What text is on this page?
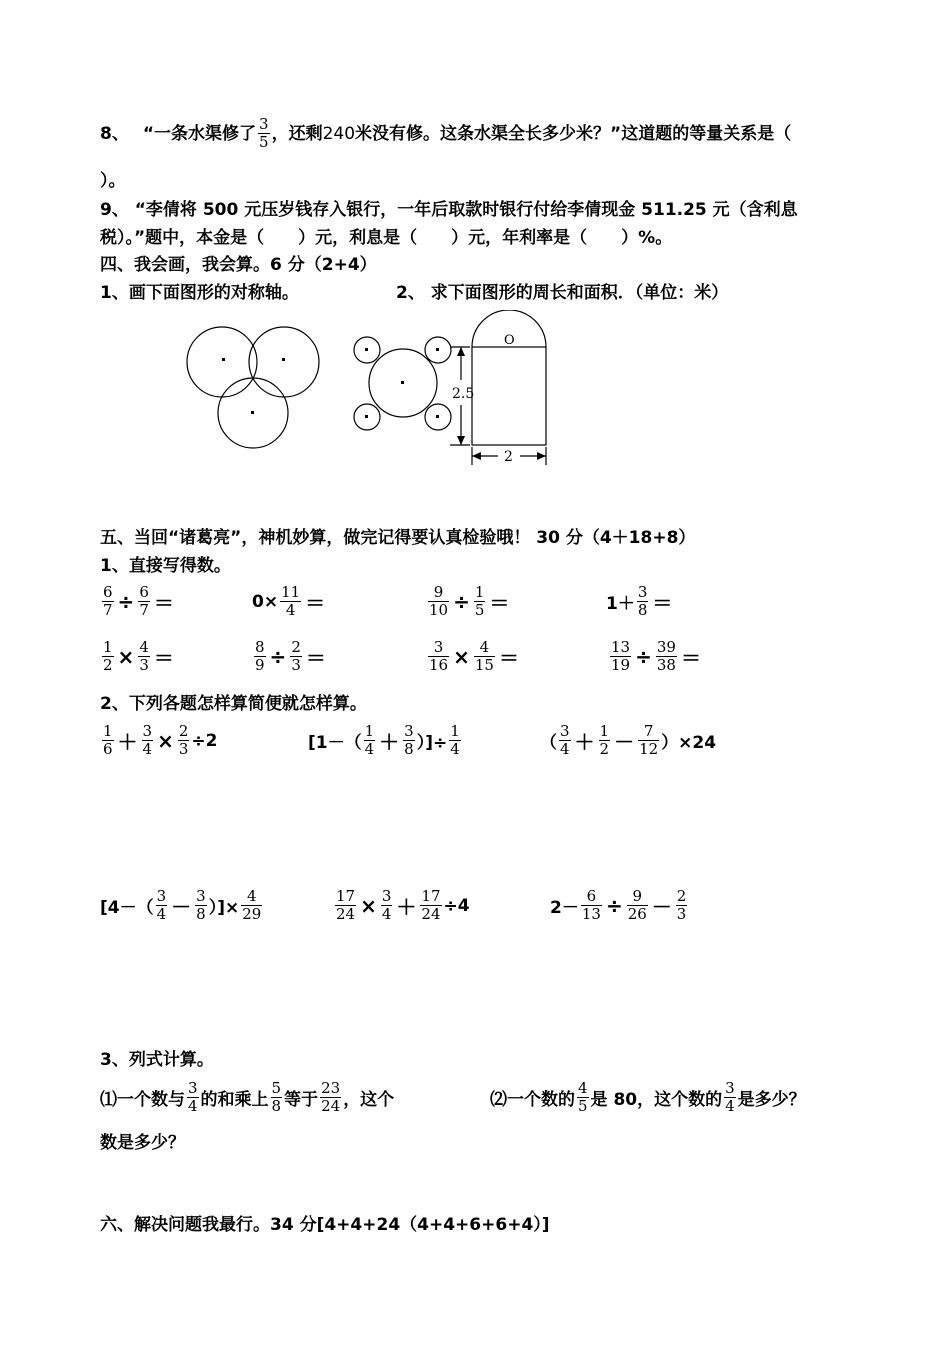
8、 “一条水渠修了 $\frac{3}{5}$ ，还剩 240 米没有修。这条水渠全长多少米？”这道题的等量关系是（
）。
9、 “李倩将 500 元压岁钱存入银行，一年后取款时银行付给李倩现金 511.25 元（含利息
税）。”题中，本金是（　　）元，利息是（　　）元，年利率是（　　）%。
四、我会画，我会算。6 分（2+4）
1、画下面图形的对称轴。	2、 求下面图形的周长和面积．（单位：米）
2.5
2
O
五、当回“诸葛亮”，神机妙算，做完记得要认真检验哦！ 30 分（4＋18+8）
1、直接写得数。
$\frac{6}{7} \div \frac{6}{7}$ ＝	$0\times \frac{11}{4}$ ＝	$\frac{9}{10} \div \frac{1}{5}$ ＝	$1+ \frac{3}{8}$ ＝
$\frac{1}{2} \times \frac{4}{3}$ ＝	$\frac{8}{9} \div \frac{2}{3}$ ＝	$\frac{3}{16} \times \frac{4}{15}$ ＝	$\frac{13}{19} \div \frac{39}{38}$ ＝
2、下列各题怎样算简便就怎样算。
$\frac{1}{6} + \frac{3}{4} \times \frac{2}{3} \div 2$	[$1-( \frac{1}{4} + \frac{3}{8}$ ）]÷ $\frac{1}{4}$	（ $\frac{3}{4} + \frac{1}{2} - \frac{7}{12} )\times 24$
[$4-( \frac{3}{4} - \frac{3}{8}$ ）]× $\frac{4}{29}$	$\frac{17}{24} \times \frac{3}{4} + \frac{17}{24} \div 4$	$2- \frac{6}{13} \div \frac{9}{26} - \frac{2}{3}$
3、列式计算。
⑴一个数与 $\frac{3}{4}$ 的和乘上 $\frac{5}{8}$ 等于 $\frac{23}{24}$ ，这个
数是多少？
⑵一个数的 $\frac{4}{5}$ 是 80，这个数的 $\frac{3}{4}$ 是多少？
六、解决问题我最行。34 分[4+4+24（4+4+6+6+4）]
